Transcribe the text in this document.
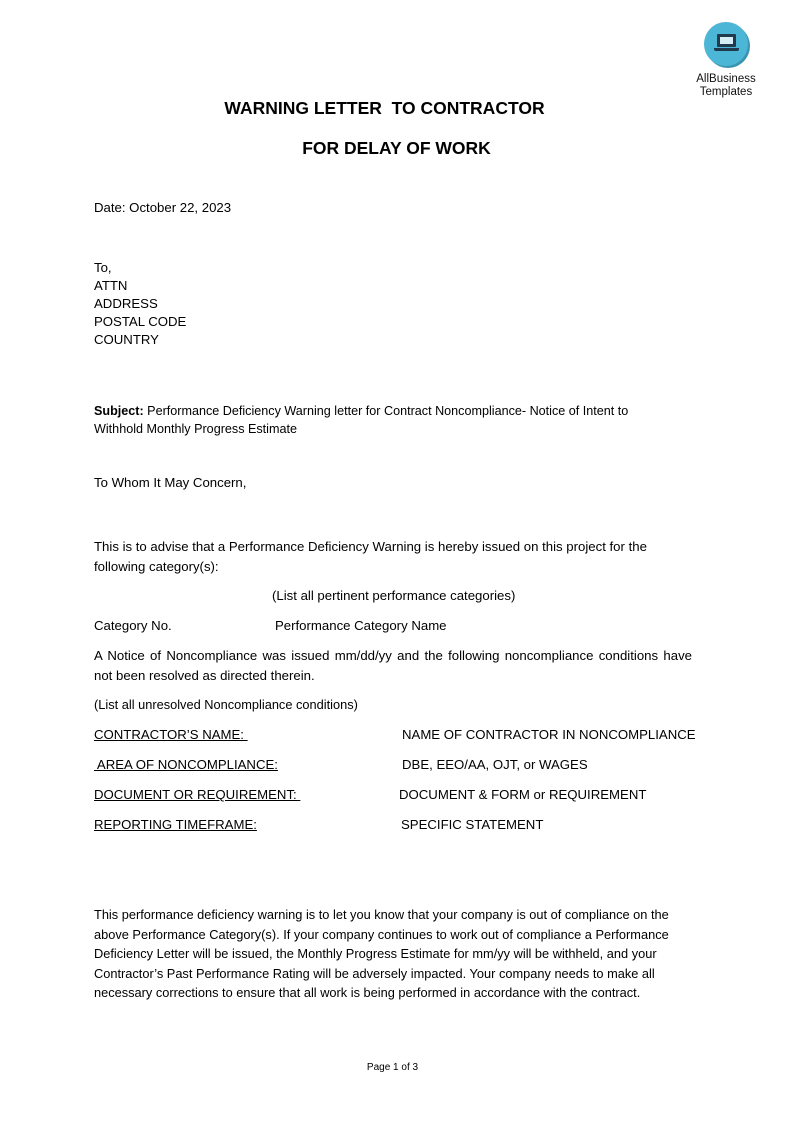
AllBusiness
Templates
WARNING LETTER  TO CONTRACTOR
FOR DELAY OF WORK
Date: October 22, 2023
To,
ATTN
ADDRESS
POSTAL CODE
COUNTRY
Subject: Performance Deficiency Warning letter for Contract Noncompliance- Notice of Intent to
Withhold Monthly Progress Estimate
To Whom It May Concern,
This is to advise that a Performance Deficiency Warning is hereby issued on this project for the following category(s):
(List all pertinent performance categories)
Category No.	Performance Category Name
A Notice of Noncompliance was issued mm/dd/yy and the following noncompliance conditions have not been resolved as directed therein.
(List all unresolved Noncompliance conditions)
CONTRACTOR’S NAME:	NAME OF CONTRACTOR IN NONCOMPLIANCE
AREA OF NONCOMPLIANCE:	DBE, EEO/AA, OJT, or WAGES
DOCUMENT OR REQUIREMENT:	DOCUMENT & FORM or REQUIREMENT
REPORTING TIMEFRAME:	SPECIFIC STATEMENT
This performance deficiency warning is to let you know that your company is out of compliance on the above Performance Category(s). If your company continues to work out of compliance a Performance Deficiency Letter will be issued, the Monthly Progress Estimate for mm/yy will be withheld, and your Contractor’s Past Performance Rating will be adversely impacted. Your company needs to make all necessary corrections to ensure that all work is being performed in accordance with the contract.
Page 1 of 3
